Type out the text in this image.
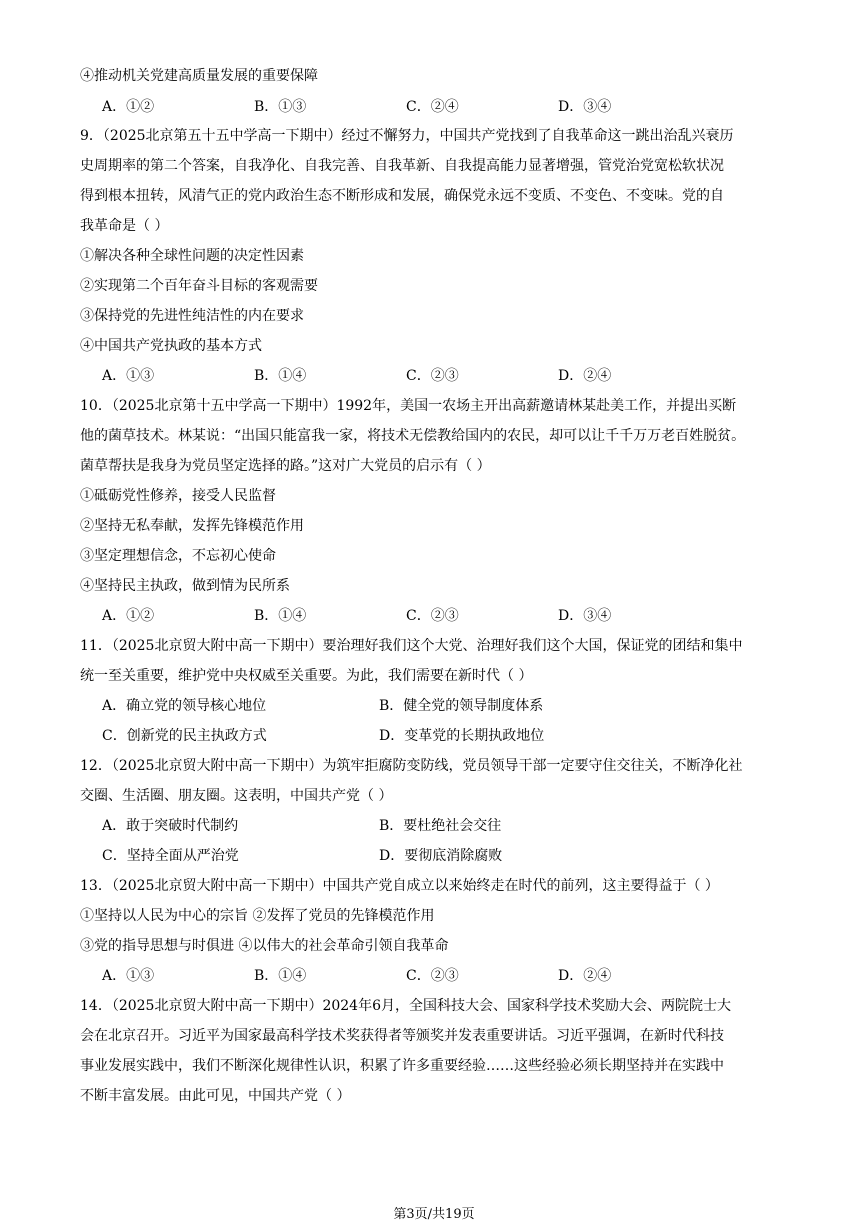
④推动机关党建高质量发展的重要保障
A．①②	B．①③	C．②④	D．③④
9．（2025北京第五十五中学高一下期中）经过不懈努力，中国共产党找到了自我革命这一跳出治乱兴衰历
史周期率的第二个答案，自我净化、自我完善、自我革新、自我提高能力显著增强，管党治党宽松软状况
得到根本扭转，风清气正的党内政治生态不断形成和发展，确保党永远不变质、不变色、不变味。党的自
我革命是（ ）
①解决各种全球性问题的决定性因素
②实现第二个百年奋斗目标的客观需要
③保持党的先进性纯洁性的内在要求
④中国共产党执政的基本方式
A．①③	B．①④	C．②③	D．②④
10．（2025北京第十五中学高一下期中）1992年，美国一农场主开出高薪邀请林某赴美工作，并提出买断
他的菌草技术。林某说：“出国只能富我一家，将技术无偿教给国内的农民，却可以让千千万万老百姓脱贫。
菌草帮扶是我身为党员坚定选择的路。”这对广大党员的启示有（ ）
①砥砺党性修养，接受人民监督
②坚持无私奉献，发挥先锋模范作用
③坚定理想信念，不忘初心使命
④坚持民主执政，做到情为民所系
A．①②	B．①④	C．②③	D．③④
11．（2025北京贸大附中高一下期中）要治理好我们这个大党、治理好我们这个大国，保证党的团结和集中
统一至关重要，维护党中央权威至关重要。为此，我们需要在新时代（ ）
A．确立党的领导核心地位	B．健全党的领导制度体系
C．创新党的民主执政方式	D．变革党的长期执政地位
12．（2025北京贸大附中高一下期中）为筑牢拒腐防变防线，党员领导干部一定要守住交往关，不断净化社
交圈、生活圈、朋友圈。这表明，中国共产党（ ）
A．敢于突破时代制约	B．要杜绝社会交往
C．坚持全面从严治党	D．要彻底消除腐败
13．（2025北京贸大附中高一下期中）中国共产党自成立以来始终走在时代的前列，这主要得益于（ ）
①坚持以人民为中心的宗旨 ②发挥了党员的先锋模范作用
③党的指导思想与时俱进 ④以伟大的社会革命引领自我革命
A．①③	B．①④	C．②③	D．②④
14．（2025北京贸大附中高一下期中）2024年6月，全国科技大会、国家科学技术奖励大会、两院院士大
会在北京召开。习近平为国家最高科学技术奖获得者等颁奖并发表重要讲话。习近平强调，在新时代科技
事业发展实践中，我们不断深化规律性认识，积累了许多重要经验……这些经验必须长期坚持并在实践中
不断丰富发展。由此可见，中国共产党（ ）
第3页/共19页
